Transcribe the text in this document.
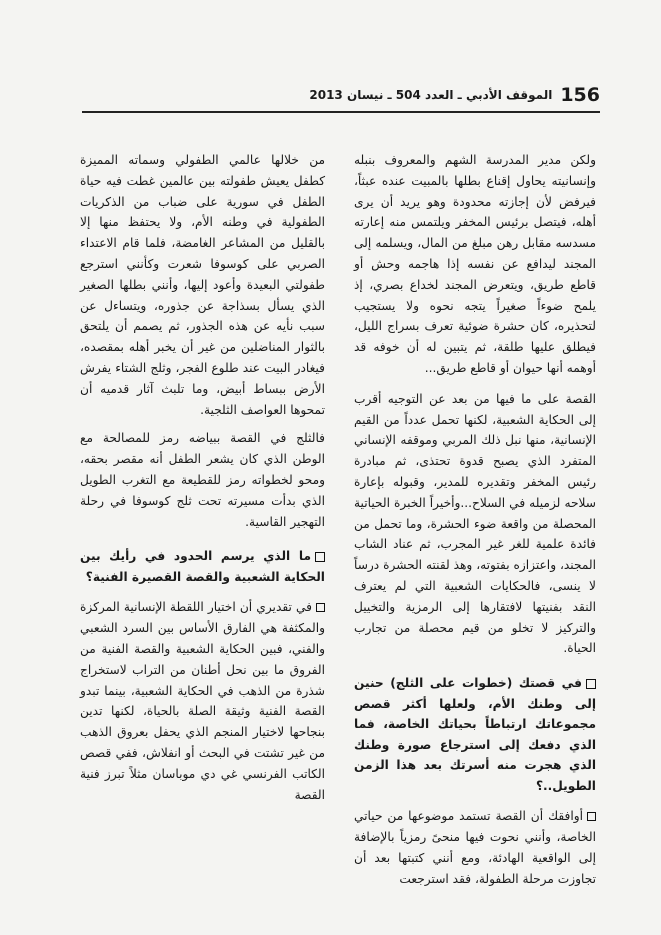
156
الموقف الأدبي ـ العدد 504 ـ نيسان 2013

ولكن مدير المدرسة الشهم والمعروف بنبله وإنسانيته يحاول إقناع بطلها بالمبيت عنده عبثاً، فيرفض لأن إجازته محدودة وهو يريد أن يرى أهله، فيتصل برئيس المخفر ويلتمس منه إعارته مسدسه مقابل رهن مبلغ من المال، ويسلمه إلى المجند ليدافع عن نفسه إذا هاجمه وحش أو قاطع طريق، ويتعرض المجند لخداع بصري، إذ يلمح ضوءاً صغيراً يتجه نحوه ولا يستجيب لتحذيره، كان حشرة ضوئية تعرف بسراج الليل، فيطلق عليها طلقة، ثم يتبين له أن خوفه قد أوهمه أنها حيوان أو قاطع طريق...

القصة على ما فيها من بعد عن التوجيه أقرب إلى الحكاية الشعبية، لكنها تحمل عدداً من القيم الإنسانية، منها نبل ذلك المربي وموقفه الإنساني المتفرد الذي يصبح قدوة تحتذى، ثم مبادرة رئيس المخفر وتقديره للمدير، وقبوله بإعارة سلاحه لزميله في السلاح...وأخيراً الخبرة الحياتية المحصلة من واقعة ضوء الحشرة، وما تحمل من فائدة علمية للغر غير المجرب، ثم عناد الشاب المجند، واعتزازه بفتوته، وهذ لقنته الحشرة درساً لا ينسى، فالحكايات الشعبية التي لم يعترف النقد بفنيتها لافتقارها إلى الرمزية والتخييل والتركيز لا تخلو من قيم محصلة من تجارب الحياة.

في قصتك (خطوات على الثلج) حنين إلى وطنك الأم، ولعلها أكثر قصص مجموعاتك ارتباطاً بحياتك الخاصة، فما الذي دفعك إلى استرجاع صورة وطنك الذي هجرت منه أسرتك بعد هذا الزمن الطويل..؟

أوافقك أن القصة تستمد موضوعها من حياتي الخاصة، وأنني نحوت فيها منحىً رمزياً بالإضافة إلى الواقعية الهادئة، ومع أنني كتبتها بعد أن تجاوزت مرحلة الطفولة، فقد استرجعت

من خلالها عالمي الطفولي وسماته المميزة كطفل يعيش طفولته بين عالمين غطت فيه حياة الطفل في سورية على ضباب من الذكريات الطفولية في وطنه الأم، ولا يحتفظ منها إلا بالقليل من المشاعر الغامضة، فلما قام الاعتداء الصربي على كوسوفا شعرت وكأنني استرجع طفولتي البعيدة وأعود إليها، وأنني بطلها الصغير الذي يسأل بسذاجة عن جذوره، ويتساءل عن سبب نأيه عن هذه الجذور، ثم يصمم أن يلتحق بالثوار المناضلين من غير أن يخبر أهله بمقصده، فيغادر البيت عند طلوع الفجر، وثلج الشتاء يفرش الأرض ببساط أبيض، وما تلبث آثار قدميه أن تمحوها العواصف الثلجية.

فالثلج في القصة ببياضه رمز للمصالحة مع الوطن الذي كان يشعر الطفل أنه مقصر بحقه، ومحو لخطواته رمز للقطيعة مع التغرب الطويل الذي بدأت مسيرته تحت ثلج كوسوفا في رحلة التهجير القاسية.

ما الذي يرسم الحدود في رأيك بين الحكاية الشعبية والقصة القصيرة الفنية؟

في تقديري أن اختيار اللقطة الإنسانية المركزة والمكثفة هي الفارق الأساس بين السرد الشعبي والفني، فبين الحكاية الشعبية والقصة الفنية من الفروق ما بين نحل أطنان من التراب لاستخراج شذرة من الذهب في الحكاية الشعبية، بينما تبدو القصة الفنية وثيقة الصلة بالحياة، لكنها تدين بنجاحها لاختيار المنجم الذي يحفل بعروق الذهب من غير تشتت في البحث أو انفلاش، ففي قصص الكاتب الفرنسي غي دي موباسان مثلاً تبرز فنية القصة
